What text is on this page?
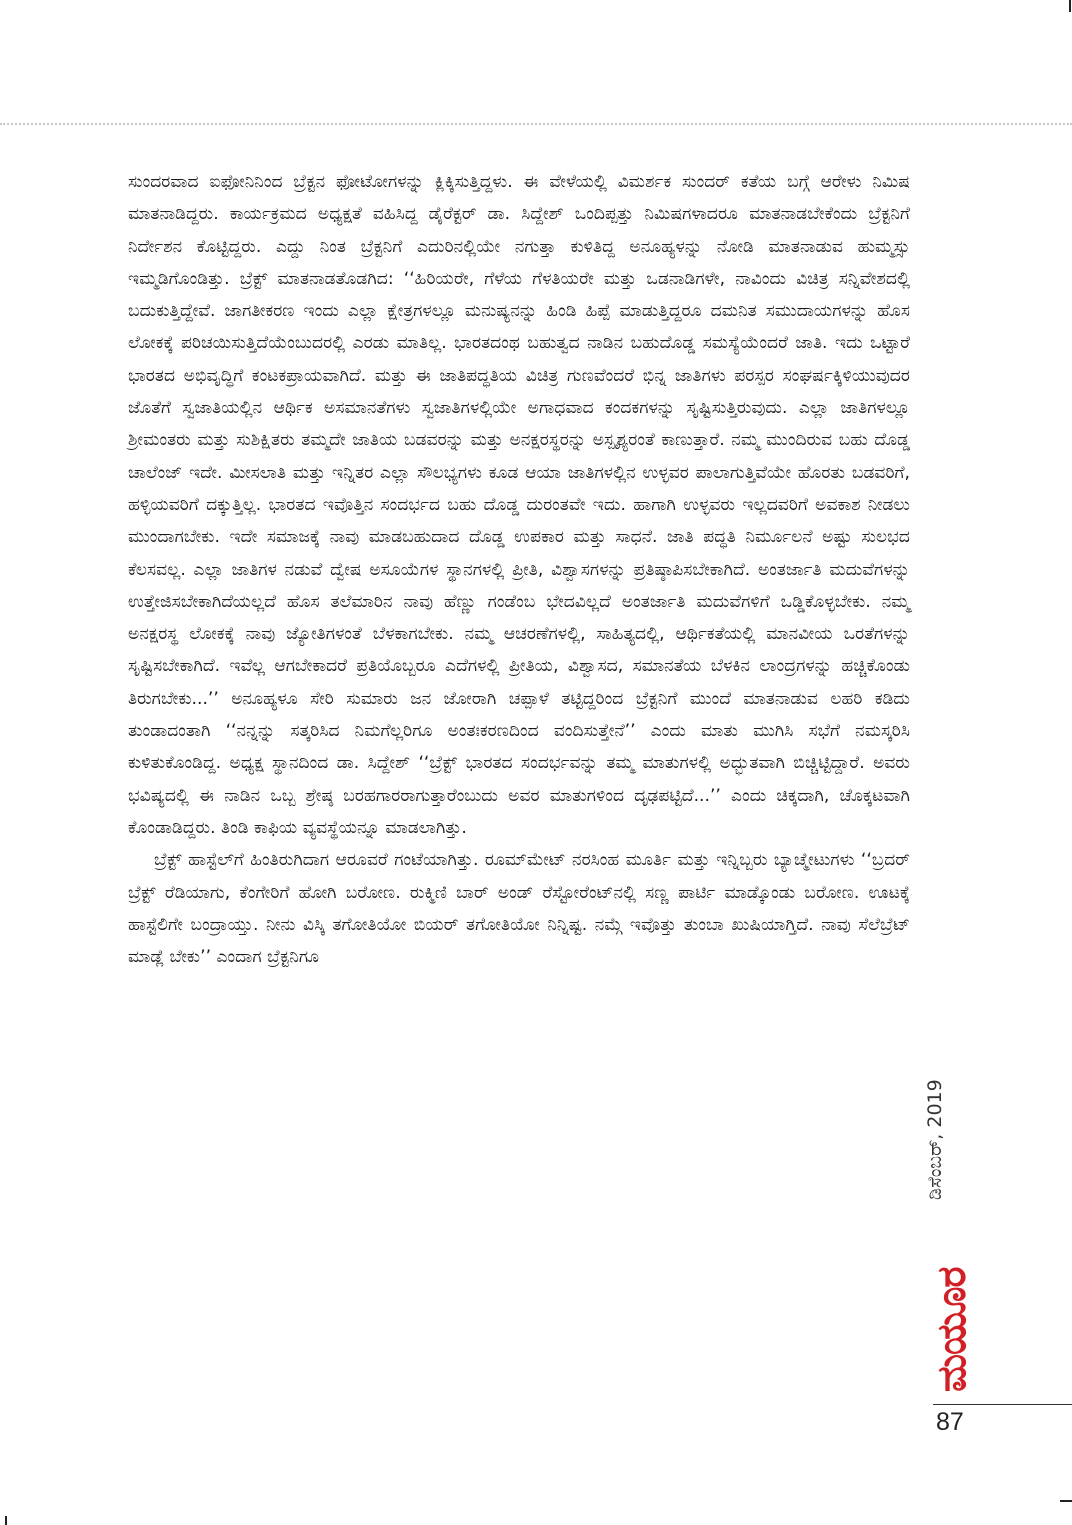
ಸುಂದರವಾದ ಐಫೋನಿನಿಂದ ಬ್ರೆಕ್ಟನ ಫೋಟೋಗಳನ್ನು ಕ್ಲಿಕ್ಕಿಸುತ್ತಿದ್ದಳು. ಈ ವೇಳೆಯಲ್ಲಿ ವಿಮರ್ಶಕ ಸುಂದರ್ ಕತೆಯ ಬಗ್ಗೆ ಆರೇಳು ನಿಮಿಷ ಮಾತನಾಡಿದ್ದರು. ಕಾರ್ಯಕ್ರಮದ ಅಧ್ಯಕ್ಷತೆ ವಹಿಸಿದ್ದ ಡೈರೆಕ್ಟರ್ ಡಾ. ಸಿದ್ದೇಶ್ ಒಂದಿಪ್ಪತ್ತು ನಿಮಿಷಗಳಾದರೂ ಮಾತನಾಡಬೇಕೆಂದು ಬ್ರೆಕ್ಟನಿಗೆ ನಿರ್ದೇಶನ ಕೊಟ್ಟಿದ್ದರು. ಎದ್ದು ನಿಂತ ಬ್ರೆಕ್ಟನಿಗೆ ಎದುರಿನಲ್ಲಿಯೇ ನಗುತ್ತಾ ಕುಳಿತಿದ್ದ ಅನೂಹ್ಯಳನ್ನು ನೋಡಿ ಮಾತನಾಡುವ ಹುಮ್ಮಸ್ಸು ಇಮ್ಮಡಿಗೊಂಡಿತ್ತು. ಬ್ರೆಕ್ಟ್ ಮಾತನಾಡತೊಡಗಿದ: ‘‘ಹಿರಿಯರೇ, ಗೆಳೆಯ ಗೆಳತಿಯರೇ ಮತ್ತು ಒಡನಾಡಿಗಳೇ, ನಾವಿಂದು ವಿಚಿತ್ರ ಸನ್ನಿವೇಶದಲ್ಲಿ ಬದುಕುತ್ತಿದ್ದೇವೆ. ಜಾಗತೀಕರಣ ಇಂದು ಎಲ್ಲಾ ಕ್ಷೇತ್ರಗಳಲ್ಲೂ ಮನುಷ್ಯನನ್ನು ಹಿಂಡಿ ಹಿಪ್ಪೆ ಮಾಡುತ್ತಿದ್ದರೂ ದಮನಿತ ಸಮುದಾಯಗಳನ್ನು ಹೊಸ ಲೋಕಕ್ಕೆ ಪರಿಚಯಿಸುತ್ತಿದೆಯೆಂಬುದರಲ್ಲಿ ಎರಡು ಮಾತಿಲ್ಲ. ಭಾರತದಂಥ ಬಹುತ್ವದ ನಾಡಿನ ಬಹುದೊಡ್ಡ ಸಮಸ್ಯೆಯೆಂದರೆ ಜಾತಿ. ಇದು ಒಟ್ಟಾರೆ ಭಾರತದ ಅಭಿವೃದ್ಧಿಗೆ ಕಂಟಕಪ್ರಾಯವಾಗಿದೆ. ಮತ್ತು ಈ ಜಾತಿಪದ್ಧತಿಯ ವಿಚಿತ್ರ ಗುಣವೆಂದರೆ ಭಿನ್ನ ಜಾತಿಗಳು ಪರಸ್ಪರ ಸಂಘರ್ಷಕ್ಕಿಳಿಯುವುದರ ಜೊತೆಗೆ ಸ್ವಜಾತಿಯಲ್ಲಿನ ಆರ್ಥಿಕ ಅಸಮಾನತೆಗಳು ಸ್ವಜಾತಿಗಳಲ್ಲಿಯೇ ಅಗಾಧವಾದ ಕಂದಕಗಳನ್ನು ಸೃಷ್ಟಿಸುತ್ತಿರುವುದು. ಎಲ್ಲಾ ಜಾತಿಗಳಲ್ಲೂ ಶ್ರೀಮಂತರು ಮತ್ತು ಸುಶಿಕ್ಷಿತರು ತಮ್ಮದೇ ಜಾತಿಯ ಬಡವರನ್ನು ಮತ್ತು ಅನಕ್ಷರಸ್ಥರನ್ನು ಅಸ್ಪೃಶ್ಯರಂತೆ ಕಾಣುತ್ತಾರೆ. ನಮ್ಮ ಮುಂದಿರುವ ಬಹು ದೊಡ್ಡ ಚಾಲೆಂಜ್ ಇದೇ. ಮೀಸಲಾತಿ ಮತ್ತು ಇನ್ನಿತರ ಎಲ್ಲಾ ಸೌಲಭ್ಯಗಳು ಕೂಡ ಆಯಾ ಜಾತಿಗಳಲ್ಲಿನ ಉಳ್ಳವರ ಪಾಲಾಗುತ್ತಿವೆಯೇ ಹೊರತು ಬಡವರಿಗೆ, ಹಳ್ಳಿಯವರಿಗೆ ದಕ್ಕುತ್ತಿಲ್ಲ. ಭಾರತದ ಇವೊತ್ತಿನ ಸಂದರ್ಭದ ಬಹು ದೊಡ್ಡ ದುರಂತವೇ ಇದು. ಹಾಗಾಗಿ ಉಳ್ಳವರು ಇಲ್ಲದವರಿಗೆ ಅವಕಾಶ ನೀಡಲು ಮುಂದಾಗಬೇಕು. ಇದೇ ಸಮಾಜಕ್ಕೆ ನಾವು ಮಾಡಬಹುದಾದ ದೊಡ್ಡ ಉಪಕಾರ ಮತ್ತು ಸಾಧನೆ. ಜಾತಿ ಪದ್ಧತಿ ನಿರ್ಮೂಲನೆ ಅಷ್ಟು ಸುಲಭದ ಕೆಲಸವಲ್ಲ. ಎಲ್ಲಾ ಜಾತಿಗಳ ನಡುವೆ ದ್ವೇಷ ಅಸೂಯೆಗಳ ಸ್ಥಾನಗಳಲ್ಲಿ ಪ್ರೀತಿ, ವಿಶ್ವಾಸಗಳನ್ನು ಪ್ರತಿಷ್ಠಾಪಿಸಬೇಕಾಗಿದೆ. ಅಂತರ್ಜಾತಿ ಮದುವೆಗಳನ್ನು ಉತ್ತೇಜಿಸಬೇಕಾಗಿದೆಯಲ್ಲದೆ ಹೊಸ ತಲೆಮಾರಿನ ನಾವು ಹೆಣ್ಣು ಗಂಡೆಂಬ ಭೇದವಿಲ್ಲದೆ ಅಂತರ್ಜಾತಿ ಮದುವೆಗಳಿಗೆ ಒಡ್ಡಿಕೊಳ್ಳಬೇಕು. ನಮ್ಮ ಅನಕ್ಷರಸ್ಥ ಲೋಕಕ್ಕೆ ನಾವು ಜ್ಯೋತಿಗಳಂತೆ ಬೆಳಕಾಗಬೇಕು. ನಮ್ಮ ಆಚರಣೆಗಳಲ್ಲಿ, ಸಾಹಿತ್ಯದಲ್ಲಿ, ಆರ್ಥಿಕತೆಯಲ್ಲಿ ಮಾನವೀಯ ಒರತೆಗಳನ್ನು ಸೃಷ್ಟಿಸಬೇಕಾಗಿದೆ. ಇವೆಲ್ಲ ಆಗಬೇಕಾದರೆ ಪ್ರತಿಯೊಬ್ಬರೂ ಎದೆಗಳಲ್ಲಿ ಪ್ರೀತಿಯ, ವಿಶ್ವಾಸದ, ಸಮಾನತೆಯ ಬೆಳಕಿನ ಲಾಂದ್ರಗಳನ್ನು ಹಚ್ಚಿಕೊಂಡು ತಿರುಗಬೇಕು...’’ ಅನೂಹ್ಯಳೂ ಸೇರಿ ಸುಮಾರು ಜನ ಜೋರಾಗಿ ಚಪ್ಪಾಳೆ ತಟ್ಟಿದ್ದರಿಂದ ಬ್ರೆಕ್ಟನಿಗೆ ಮುಂದೆ ಮಾತನಾಡುವ ಲಹರಿ ಕಡಿದು ತುಂಡಾದಂತಾಗಿ ‘‘ನನ್ನನ್ನು ಸತ್ಕರಿಸಿದ ನಿಮಗೆಲ್ಲರಿಗೂ ಅಂತಃಕರಣದಿಂದ ವಂದಿಸುತ್ತೇನೆ’’ ಎಂದು ಮಾತು ಮುಗಿಸಿ ಸಭೆಗೆ ನಮಸ್ಕರಿಸಿ ಕುಳಿತುಕೊಂಡಿದ್ದ. ಅಧ್ಯಕ್ಷ ಸ್ಥಾನದಿಂದ ಡಾ. ಸಿದ್ದೇಶ್ ‘‘ಬ್ರೆಕ್ಟ್ ಭಾರತದ ಸಂದರ್ಭವನ್ನು ತಮ್ಮ ಮಾತುಗಳಲ್ಲಿ ಅದ್ಭುತವಾಗಿ ಬಿಚ್ಚಿಟ್ಟಿದ್ದಾರೆ. ಅವರು ಭವಿಷ್ಯದಲ್ಲಿ ಈ ನಾಡಿನ ಒಬ್ಬ ಶ್ರೇಷ್ಠ ಬರಹಗಾರರಾಗುತ್ತಾರೆಂಬುದು ಅವರ ಮಾತುಗಳಿಂದ ದೃಢಪಟ್ಟಿದೆ...’’ ಎಂದು ಚಿಕ್ಕದಾಗಿ, ಚೊಕ್ಕಟವಾಗಿ ಕೊಂಡಾಡಿದ್ದರು. ತಿಂಡಿ ಕಾಫಿಯ ವ್ಯವಸ್ಥೆಯನ್ನೂ ಮಾಡಲಾಗಿತ್ತು.

ಬ್ರೆಕ್ಟ್ ಹಾಸ್ಟೆಲ್‌ಗೆ ಹಿಂತಿರುಗಿದಾಗ ಆರೂವರೆ ಗಂಟೆಯಾಗಿತ್ತು. ರೂಮ್‌ಮೇಟ್ ನರಸಿಂಹ ಮೂರ್ತಿ ಮತ್ತು ಇನ್ನಿಬ್ಬರು ಬ್ಯಾಚ್ಮೇಟುಗಳು ‘‘ಬ್ರದರ್ ಬ್ರೆಕ್ಟ್ ರೆಡಿಯಾಗು, ಕೆಂಗೇರಿಗೆ ಹೋಗಿ ಬರೋಣ. ರುಕ್ಮಿಣಿ ಬಾರ್ ಅಂಡ್ ರೆಸ್ಟೋರೆಂಟ್‌ನಲ್ಲಿ ಸಣ್ಣ ಪಾರ್ಟಿ ಮಾಡ್ಕೊಂಡು ಬರೋಣ. ಊಟಕ್ಕೆ ಹಾಸ್ಟೆಲಿಗೇ ಬಂದ್ರಾಯ್ತು. ನೀನು ವಿಸ್ಕಿ ತಗೋತಿಯೋ ಬಿಯರ್ ತಗೋತಿಯೋ ನಿನ್ನಿಷ್ಟ. ನಮ್ಗೆ ಇವೊತ್ತು ತುಂಬಾ ಖುಷಿಯಾಗ್ತಿದೆ. ನಾವು ಸೆಲೆಬ್ರೆಟ್ ಮಾಡ್ಲೆ ಬೇಕು’’ ಎಂದಾಗ ಬ್ರೆಕ್ಟನಿಗೂ

ಡಿಸೆಂಬರ್, 2019
ಮಯೂರ
87
